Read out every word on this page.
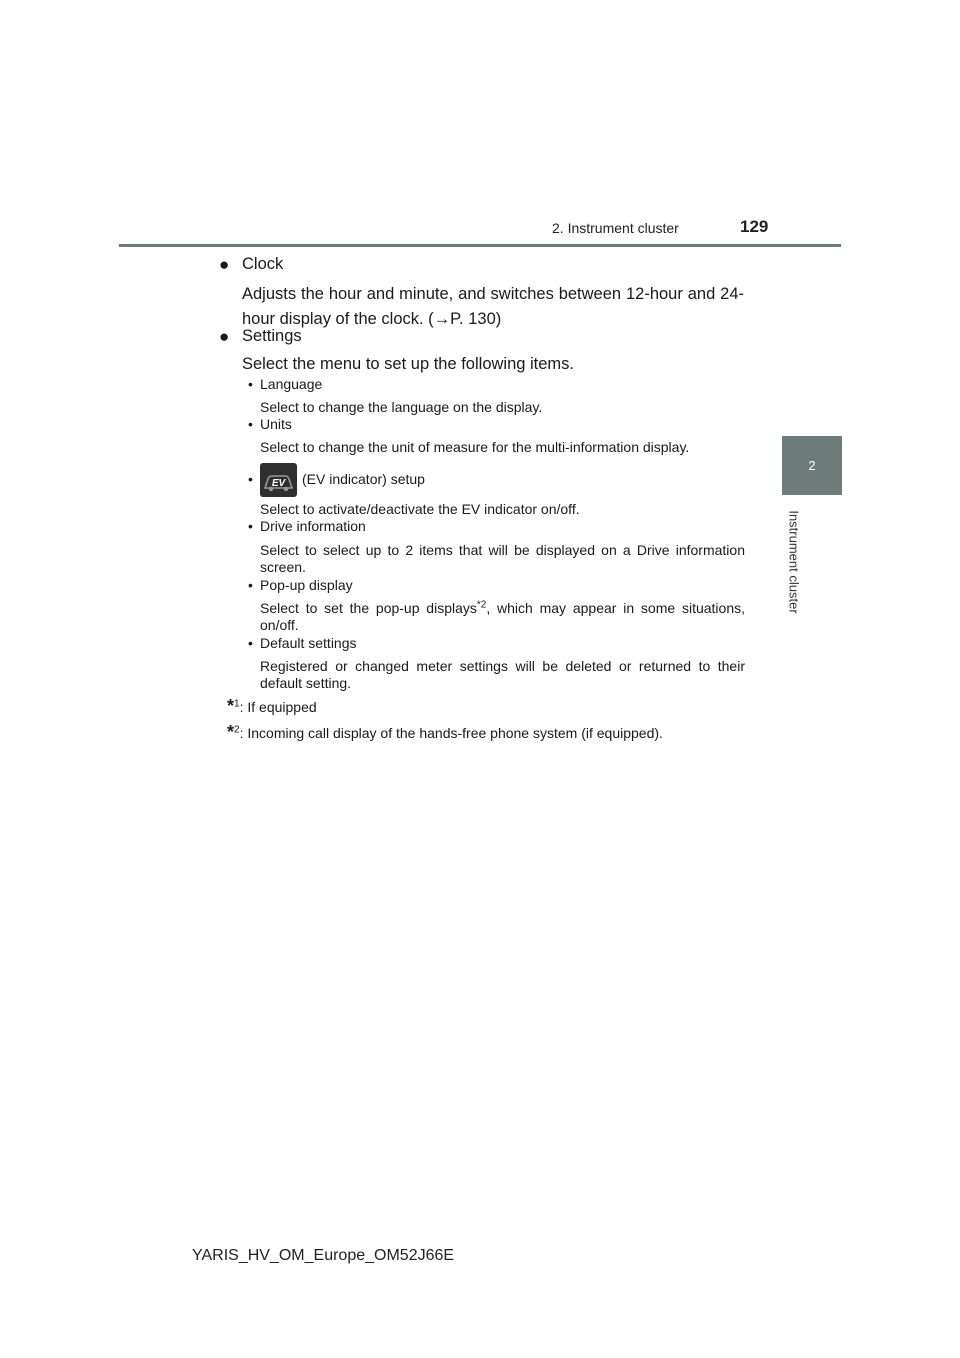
2. Instrument cluster	129
2
Instrument cluster
● Clock
Adjusts the hour and minute, and switches between 12-hour and 24-hour display of the clock. (→P. 130)
● Settings
Select the menu to set up the following items.
• Language
Select to change the language on the display.
• Units
Select to change the unit of measure for the multi-information display.
• EV (EV indicator) setup
Select to activate/deactivate the EV indicator on/off.
• Drive information
Select to select up to 2 items that will be displayed on a Drive information screen.
• Pop-up display
Select to set the pop-up displays$^{*2}$, which may appear in some situations, on/off.
• Default settings
Registered or changed meter settings will be deleted or returned to their default setting.
*$^1$: If equipped
*$^2$: Incoming call display of the hands-free phone system (if equipped).
YARIS_HV_OM_Europe_OM52J66E
